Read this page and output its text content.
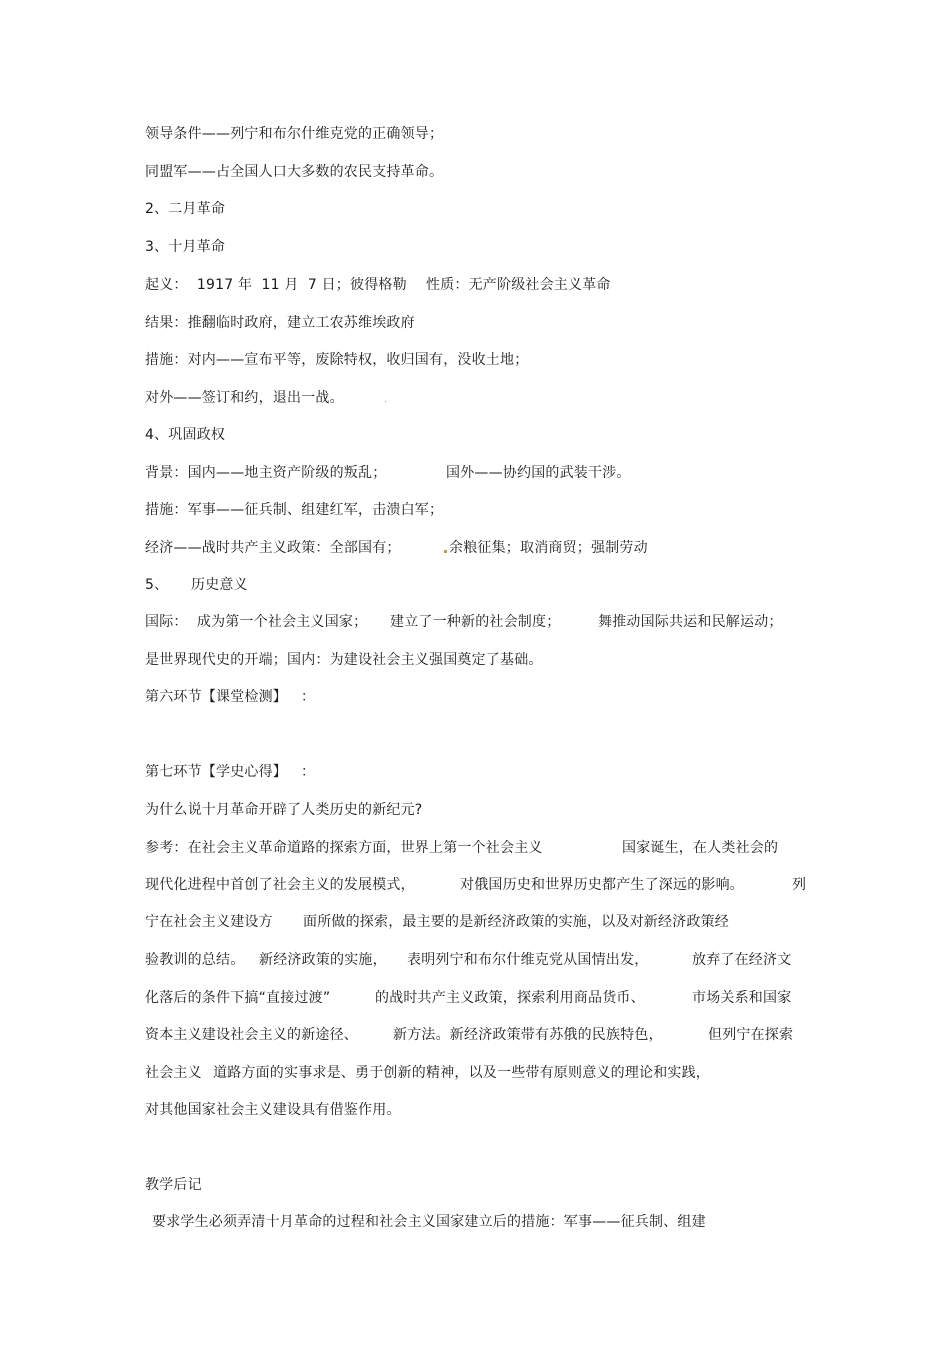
领导条件——列宁和布尔什维克党的正确领导；
同盟军——占全国人口大多数的农民支持革命。
2、二月革命
3、十月革命
起义：  1917 年  11 月  7 日；彼得格勒 性质：无产阶级社会主义革命
结果：推翻临时政府，建立工农苏维埃政府
措施：对内——宣布平等，废除特权，收归国有，没收土地；
对外——签订和约，退出一战。
4、巩固政权
背景：国内——地主资产阶级的叛乱；	国外——协约国的武装干涉。
措施：军事——征兵制、组建红军，击溃白军；
经济——战时共产主义政策：全部国有；	余粮征集；取消商贸；强制劳动
5、 历史意义
国际：  成为第一个社会主义国家； 建立了一种新的社会制度；	舞推动国际共运和民解运动；
是世界现代史的开端；国内：为建设社会主义强国奠定了基础。
第六环节【课堂检测】   ：
第七环节【学史心得】   ：
为什么说十月革命开辟了人类历史的新纪元?
参考：在社会主义革命道路的探索方面，世界上第一个社会主义	国家诞生，在人类社会的
现代化进程中首创了社会主义的发展模式，	对俄国历史和世界历史都产生了深远的影响。	列
宁在社会主义建设方 面所做的探索，最主要的是新经济政策的实施，以及对新经济政策经
验教训的总结。 新经济政策的实施， 表明列宁和布尔什维克党从国情出发，	放弃了在经济文
化落后的条件下搞“直接过渡”	的战时共产主义政策，探索利用商品货币、	市场关系和国家
资本主义建设社会主义的新途径、	新方法。新经济政策带有苏俄的民族特色，	但列宁在探索
社会主义 道路方面的实事求是、勇于创新的精神，以及一些带有原则意义的理论和实践，
对其他国家社会主义建设具有借鉴作用。
教学后记
要求学生必须弄清十月革命的过程和社会主义国家建立后的措施：军事——征兵制、组建
